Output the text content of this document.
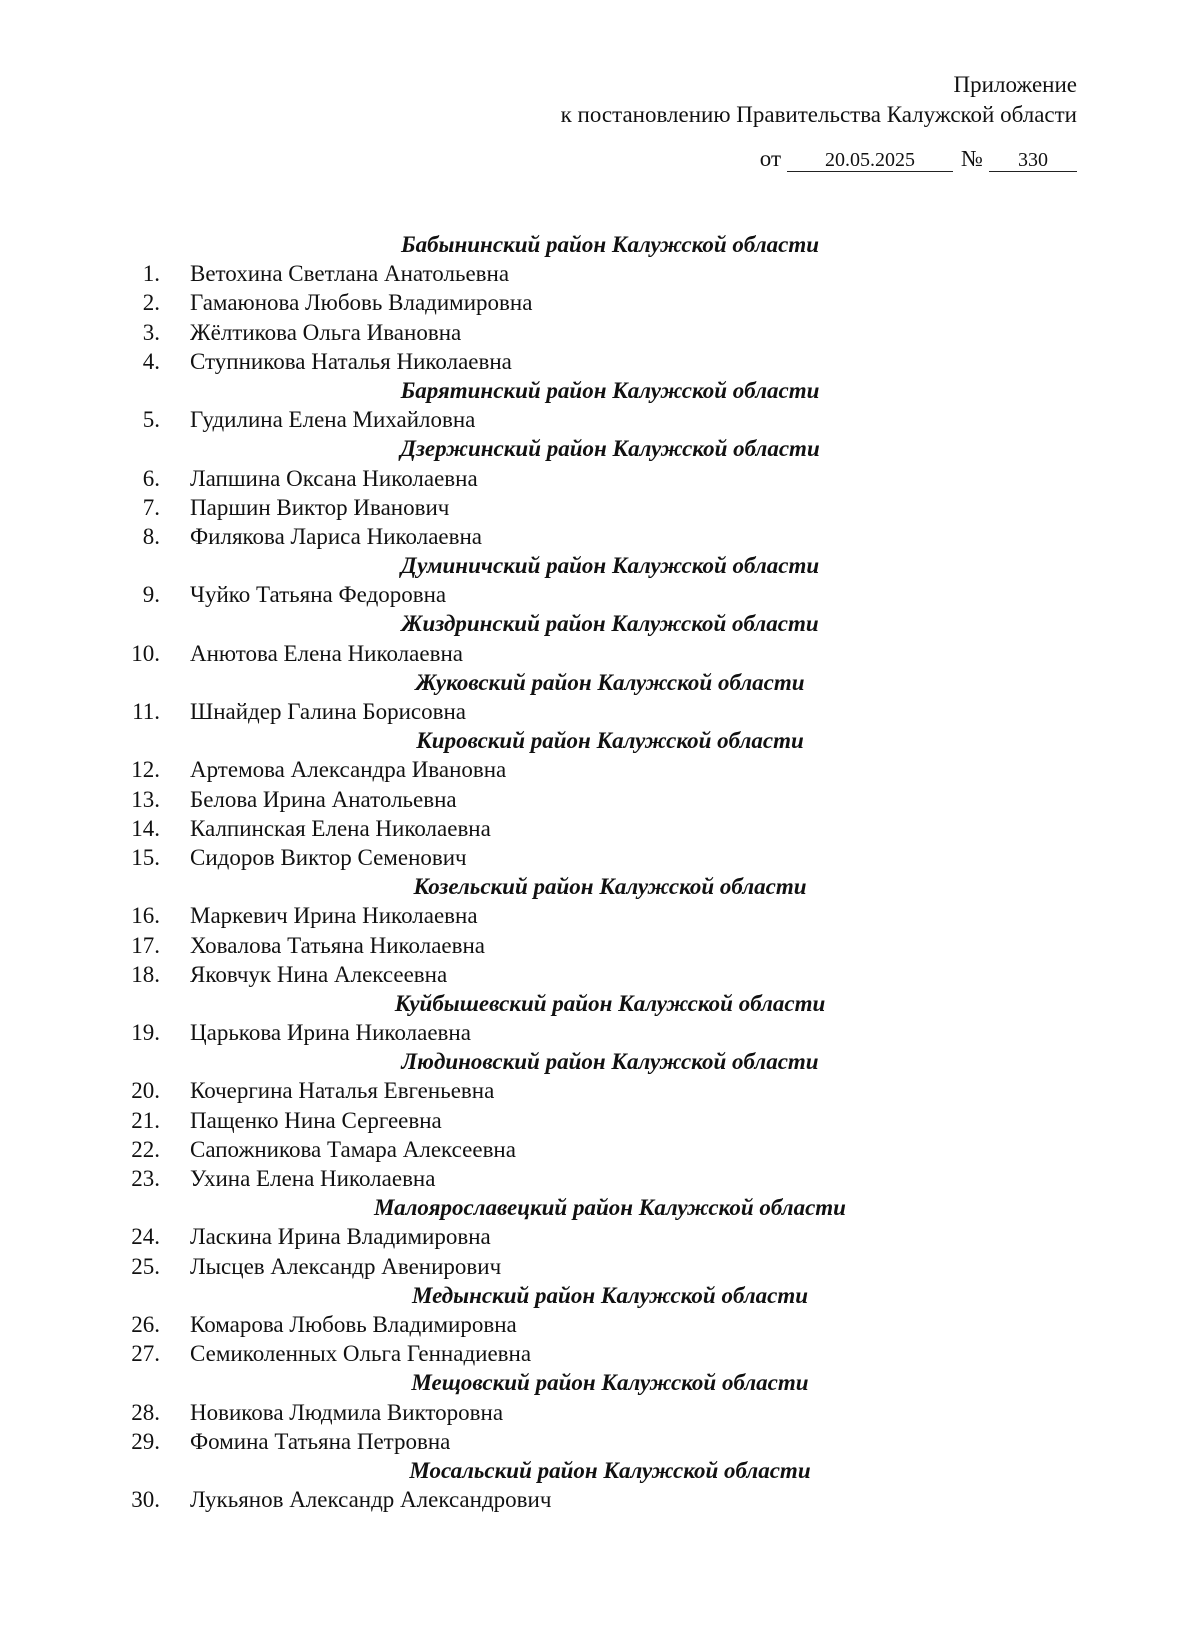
Приложение
к постановлению Правительства Калужской области
от 20.05.2025 № 330
Бабынинский район Калужской области
1. Ветохина Светлана Анатольевна
2. Гамаюнова Любовь Владимировна
3. Жёлтикова Ольга Ивановна
4. Ступникова Наталья Николаевна
Барятинский район Калужской области
5. Гудилина Елена Михайловна
Дзержинский район Калужской области
6. Лапшина Оксана Николаевна
7. Паршин Виктор Иванович
8. Филякова Лариса Николаевна
Думиничский район Калужской области
9. Чуйко Татьяна Федоровна
Жиздринский район Калужской области
10. Анютова Елена Николаевна
Жуковский район Калужской области
11. Шнайдер Галина Борисовна
Кировский район Калужской области
12. Артемова Александра Ивановна
13. Белова Ирина Анатольевна
14. Калпинская Елена Николаевна
15. Сидоров Виктор Семенович
Козельский район Калужской области
16. Маркевич Ирина Николаевна
17. Ховалова Татьяна Николаевна
18. Яковчук Нина Алексеевна
Куйбышевский район Калужской области
19. Царькова Ирина Николаевна
Людиновский район Калужской области
20. Кочергина Наталья Евгеньевна
21. Пащенко Нина Сергеевна
22. Сапожникова Тамара Алексеевна
23. Ухина Елена Николаевна
Малоярославецкий район Калужской области
24. Ласкина Ирина Владимировна
25. Лысцев Александр Авенирович
Медынский район Калужской области
26. Комарова Любовь Владимировна
27. Семиколенных Ольга Геннадиевна
Мещовский район Калужской области
28. Новикова Людмила Викторовна
29. Фомина Татьяна Петровна
Мосальский район Калужской области
30. Лукьянов Александр Александрович
